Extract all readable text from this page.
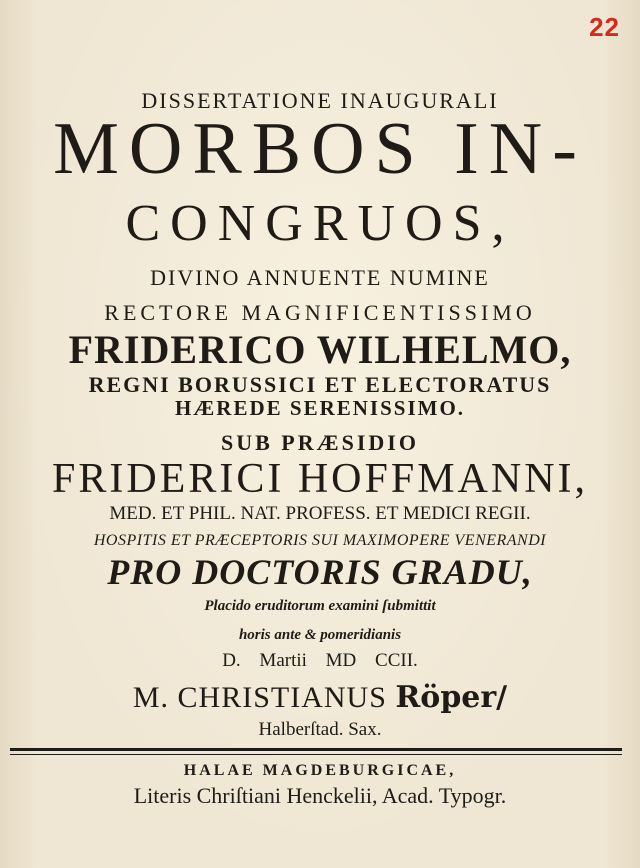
22
DISSERTATIONE INAUGURALI
MORBOS IN-
CONGRUOS,
DIVINO ANNUENTE NUMINE
RECTORE MAGNIFICENTISSIMO
FRIDERICO WILHELMO,
REGNI BORUSSICI ET ELECTORATUS
HÆREDE SERENISSIMO.
SUB PRÆSIDIO
FRIDERICI HOFFMANNI,
MED. ET PHIL. NAT. PROFESS. ET MEDICI REGII.
HOSPITIS ET PRÆCEPTORIS SUI MAXIMOPERE VENERANDI
PRO DOCTORIS GRADU,
Placido eruditorum examini ſubmittit
horis ante & pomeridianis
D. Martii MD CCII.
M. CHRISTIANUS Röper/
Halberſtad. Sax.
HALAE MAGDEBURGICAE,
Literis Chriſtiani Henckelii, Acad. Typogr.
